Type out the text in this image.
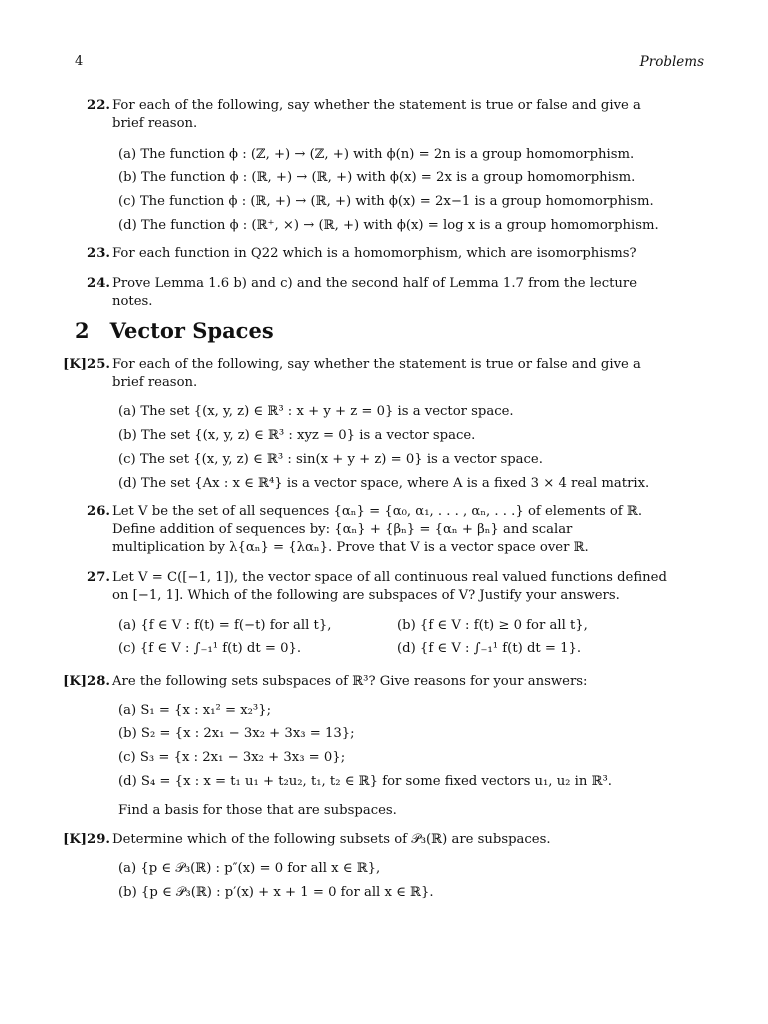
4	Problems
22. For each of the following, say whether the statement is true or false and give a brief reason.
(a) The function ϕ : (ℤ, +) → (ℤ, +) with ϕ(n) = 2n is a group homomorphism.
(b) The function ϕ : (ℝ, +) → (ℝ, +) with ϕ(x) = 2x is a group homomorphism.
(c) The function ϕ : (ℝ, +) → (ℝ, +) with ϕ(x) = 2x−1 is a group homomorphism.
(d) The function ϕ : (ℝ⁺, ×) → (ℝ, +) with ϕ(x) = log x is a group homomorphism.
23. For each function in Q22 which is a homomorphism, which are isomorphisms?
24. Prove Lemma 1.6 b) and c) and the second half of Lemma 1.7 from the lecture notes.
2 Vector Spaces
[K]25. For each of the following, say whether the statement is true or false and give a brief reason.
(a) The set {(x, y, z) ∈ ℝ³ : x + y + z = 0} is a vector space.
(b) The set {(x, y, z) ∈ ℝ³ : xyz = 0} is a vector space.
(c) The set {(x, y, z) ∈ ℝ³ : sin(x + y + z) = 0} is a vector space.
(d) The set {Ax : x ∈ ℝ⁴} is a vector space, where A is a fixed 3 × 4 real matrix.
26. Let V be the set of all sequences {αₙ} = {α₀, α₁, . . . , αₙ, . . .} of elements of ℝ. Define addition of sequences by: {αₙ} + {βₙ} = {αₙ + βₙ} and scalar multiplication by λ{αₙ} = {λαₙ}. Prove that V is a vector space over ℝ.
27. Let V = C([−1, 1]), the vector space of all continuous real valued functions defined on [−1, 1]. Which of the following are subspaces of V? Justify your answers.
(a) {f ∈ V : f(t) = f(−t) for all t},	(b) {f ∈ V : f(t) ≥ 0 for all t},
(c) {f ∈ V : ∫₋₁¹ f(t) dt = 0}.	(d) {f ∈ V : ∫₋₁¹ f(t) dt = 1}.
[K]28. Are the following sets subspaces of ℝ³? Give reasons for your answers:
(a) S₁ = {x : x₁² = x₂³};
(b) S₂ = {x : 2x₁ − 3x₂ + 3x₃ = 13};
(c) S₃ = {x : 2x₁ − 3x₂ + 3x₃ = 0};
(d) S₄ = {x : x = t₁ u₁ + t₂u₂, t₁, t₂ ∈ ℝ} for some fixed vectors u₁, u₂ in ℝ³.
Find a basis for those that are subspaces.
[K]29. Determine which of the following subsets of 𝒫₃(ℝ) are subspaces.
(a) {p ∈ 𝒫₃(ℝ) : p″(x) = 0 for all x ∈ ℝ},
(b) {p ∈ 𝒫₃(ℝ) : p′(x) + x + 1 = 0 for all x ∈ ℝ}.
